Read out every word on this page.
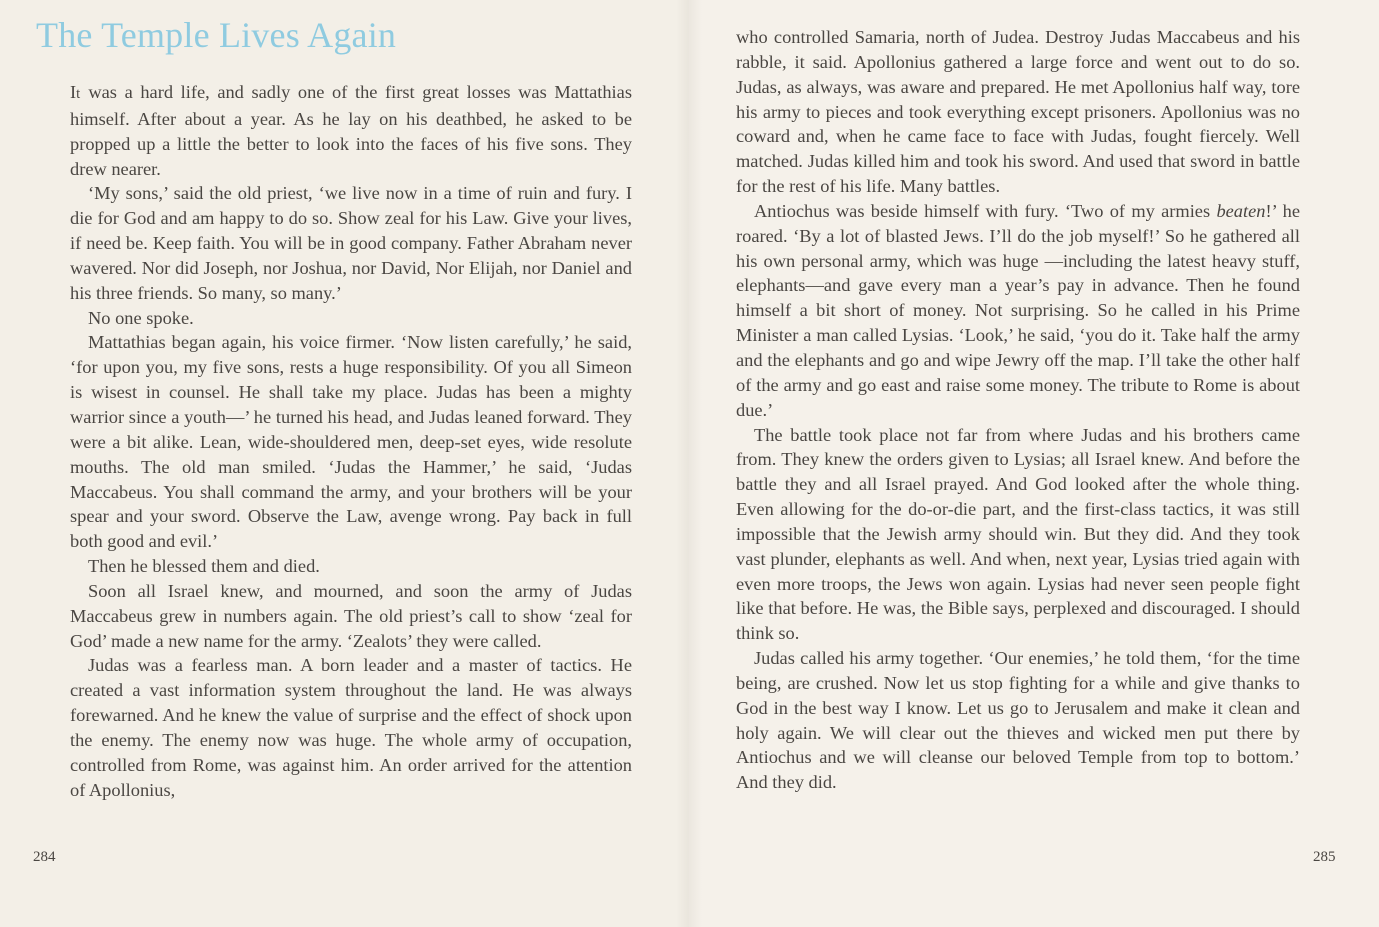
The Temple Lives Again

It was a hard life, and sadly one of the first great losses was Mattathias himself. After about a year. As he lay on his deathbed, he asked to be propped up a little the better to look into the faces of his five sons. They drew nearer.

‘My sons,’ said the old priest, ‘we live now in a time of ruin and fury. I die for God and am happy to do so. Show zeal for his Law. Give your lives, if need be. Keep faith. You will be in good company. Father Abraham never wavered. Nor did Joseph, nor Joshua, nor David, Nor Elijah, nor Daniel and his three friends. So many, so many.’

No one spoke.

Mattathias began again, his voice firmer. ‘Now listen carefully,’ he said, ‘for upon you, my five sons, rests a huge responsibility. Of you all Simeon is wisest in counsel. He shall take my place. Judas has been a mighty warrior since a youth—’ he turned his head, and Judas leaned forward. They were a bit alike. Lean, wide-shouldered men, deep-set eyes, wide resolute mouths. The old man smiled. ‘Judas the Hammer,’ he said, ‘Judas Maccabeus. You shall command the army, and your brothers will be your spear and your sword. Observe the Law, avenge wrong. Pay back in full both good and evil.’

Then he blessed them and died.

Soon all Israel knew, and mourned, and soon the army of Judas Maccabeus grew in numbers again. The old priest’s call to show ‘zeal for God’ made a new name for the army. ‘Zealots’ they were called.

Judas was a fearless man. A born leader and a master of tactics. He created a vast information system throughout the land. He was always forewarned. And he knew the value of surprise and the effect of shock upon the enemy. The enemy now was huge. The whole army of occupation, controlled from Rome, was against him. An order arrived for the attention of Apollonius,

284

who controlled Samaria, north of Judea. Destroy Judas Maccabeus and his rabble, it said. Apollonius gathered a large force and went out to do so. Judas, as always, was aware and prepared. He met Apollonius half way, tore his army to pieces and took everything except prisoners. Apollonius was no coward and, when he came face to face with Judas, fought fiercely. Well matched. Judas killed him and took his sword. And used that sword in battle for the rest of his life. Many battles.

Antiochus was beside himself with fury. ‘Two of my armies beaten!’ he roared. ‘By a lot of blasted Jews. I’ll do the job myself!’ So he gathered all his own personal army, which was huge —including the latest heavy stuff, elephants—and gave every man a year’s pay in advance. Then he found himself a bit short of money. Not surprising. So he called in his Prime Minister a man called Lysias. ‘Look,’ he said, ‘you do it. Take half the army and the elephants and go and wipe Jewry off the map. I’ll take the other half of the army and go east and raise some money. The tribute to Rome is about due.’

The battle took place not far from where Judas and his brothers came from. They knew the orders given to Lysias; all Israel knew. And before the battle they and all Israel prayed. And God looked after the whole thing. Even allowing for the do-or-die part, and the first-class tactics, it was still impossible that the Jewish army should win. But they did. And they took vast plunder, elephants as well. And when, next year, Lysias tried again with even more troops, the Jews won again. Lysias had never seen people fight like that before. He was, the Bible says, perplexed and discouraged. I should think so.

Judas called his army together. ‘Our enemies,’ he told them, ‘for the time being, are crushed. Now let us stop fighting for a while and give thanks to God in the best way I know. Let us go to Jerusalem and make it clean and holy again. We will clear out the thieves and wicked men put there by Antiochus and we will cleanse our beloved Temple from top to bottom.’ And they did.

285
